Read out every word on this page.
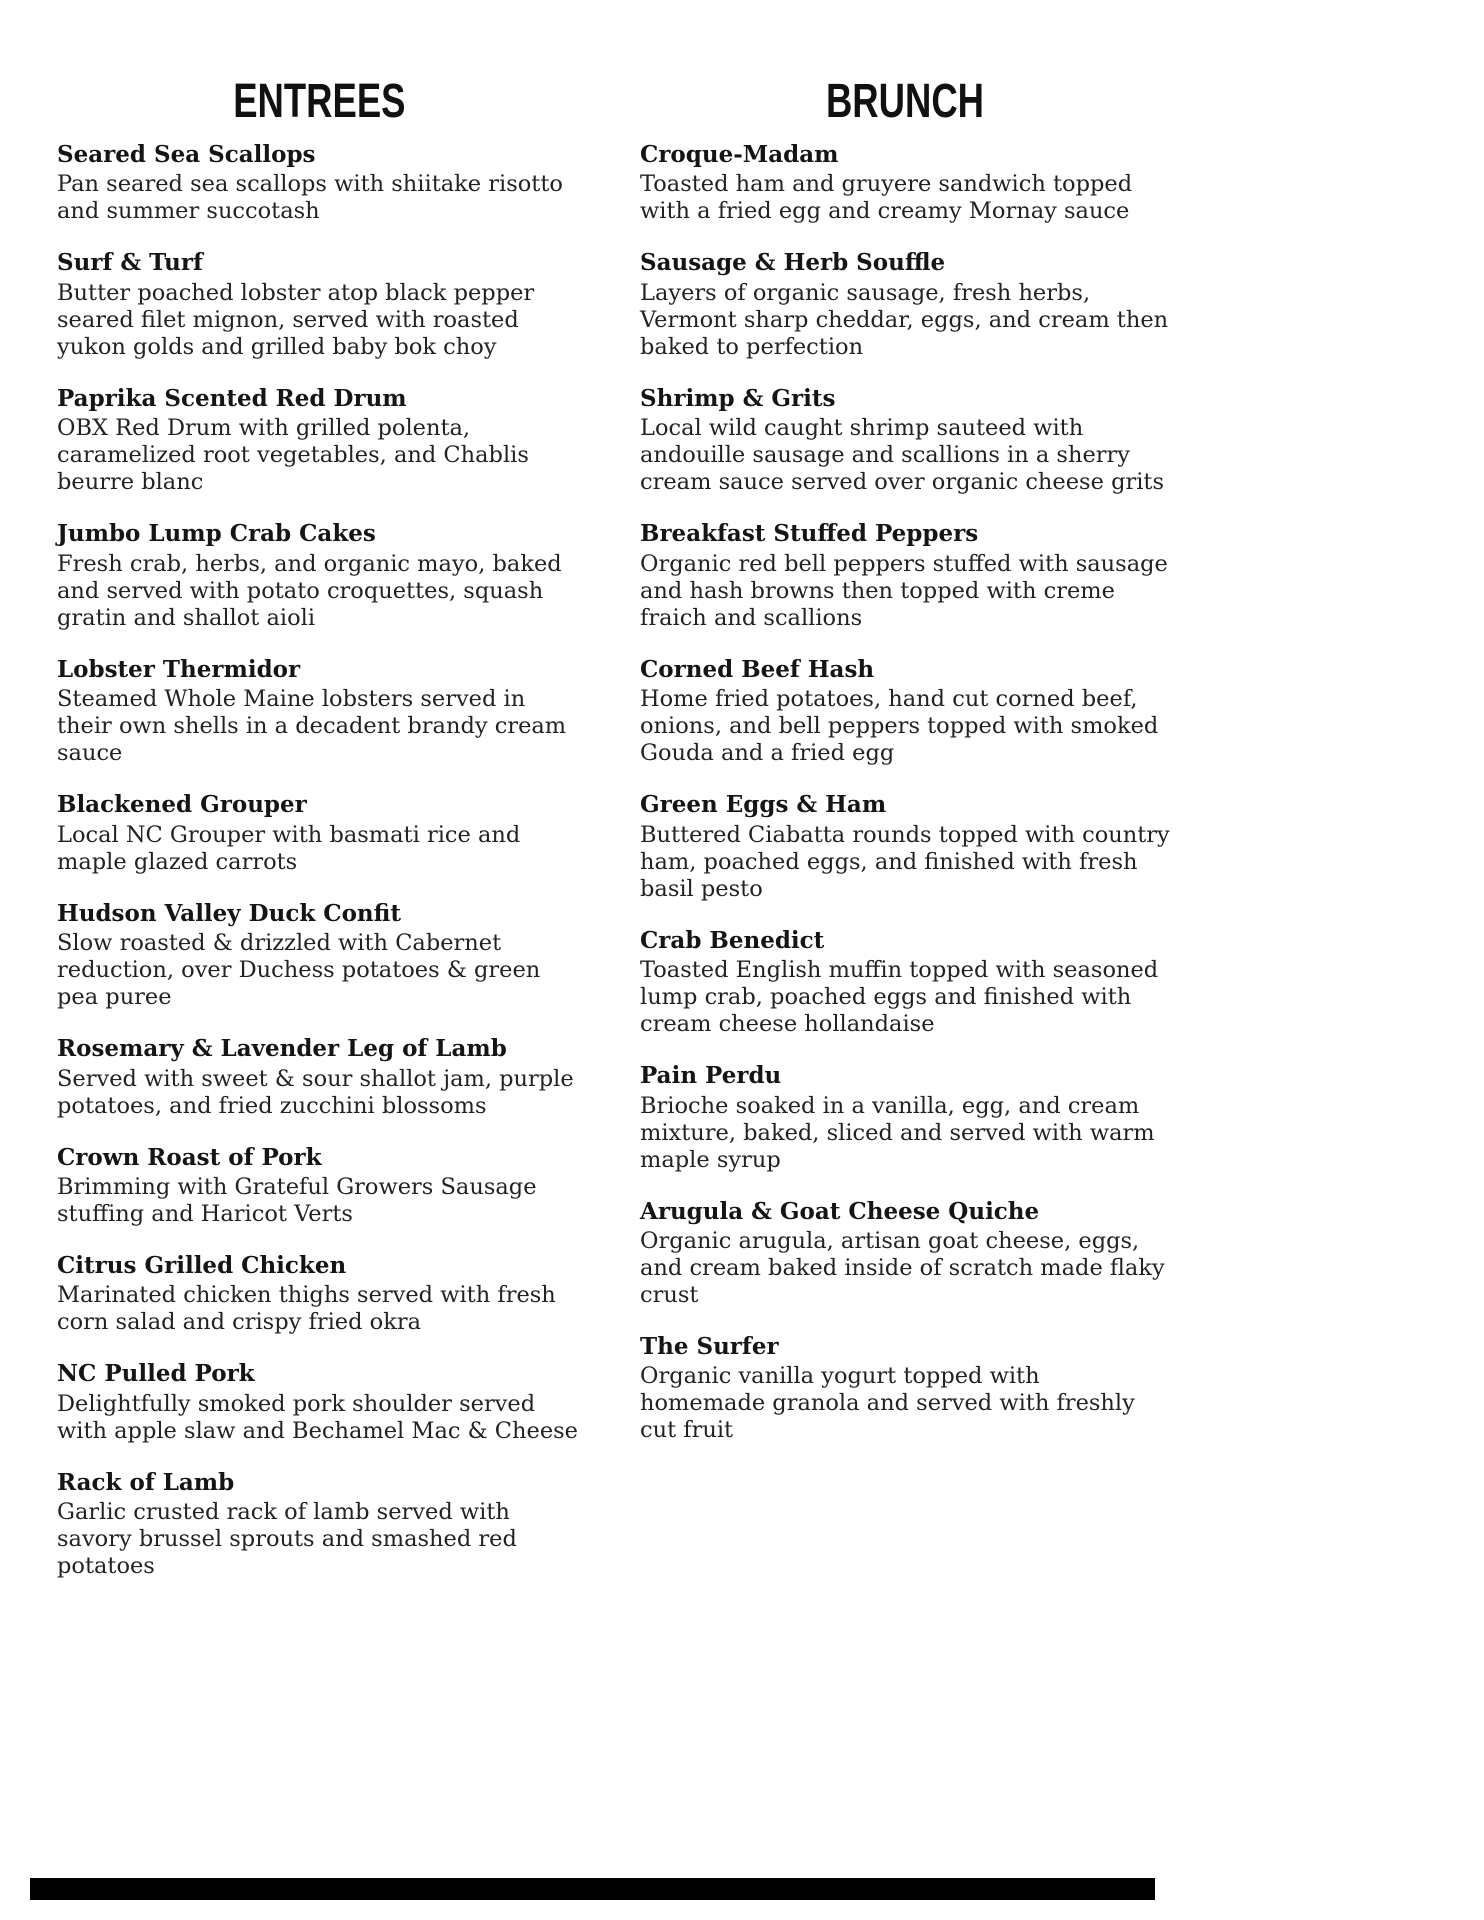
ENTREES
Seared Sea Scallops
Pan seared sea scallops with shiitake risotto and summer succotash
Surf & Turf
Butter poached lobster atop black pepper seared filet mignon, served with roasted yukon golds and grilled baby bok choy
Paprika Scented Red Drum
OBX Red Drum with grilled polenta, caramelized root vegetables, and Chablis beurre blanc
Jumbo Lump Crab Cakes
Fresh crab, herbs, and organic mayo, baked and served with potato croquettes, squash gratin and shallot aioli
Lobster Thermidor
Steamed Whole Maine lobsters served in their own shells in a decadent brandy cream sauce
Blackened Grouper
Local NC Grouper with basmati rice and maple glazed carrots
Hudson Valley Duck Confit
Slow roasted & drizzled with Cabernet reduction, over Duchess potatoes & green pea puree
Rosemary & Lavender Leg of Lamb
Served with sweet & sour shallot jam, purple potatoes, and fried zucchini blossoms
Crown Roast of Pork
Brimming with Grateful Growers Sausage stuffing and Haricot Verts
Citrus Grilled Chicken
Marinated chicken thighs served with fresh corn salad and crispy fried okra
NC Pulled Pork
Delightfully smoked pork shoulder served with apple slaw and Bechamel Mac & Cheese
Rack of Lamb
Garlic crusted rack of lamb served with savory brussel sprouts and smashed red potatoes
BRUNCH
Croque-Madam
Toasted ham and gruyere sandwich topped with a fried egg and creamy Mornay sauce
Sausage & Herb Souffle
Layers of organic sausage, fresh herbs, Vermont sharp cheddar, eggs, and cream then baked to perfection
Shrimp & Grits
Local wild caught shrimp sauteed with andouille sausage and scallions in a sherry cream sauce served over organic cheese grits
Breakfast Stuffed Peppers
Organic red bell peppers stuffed with sausage and hash browns then topped with creme fraich and scallions
Corned Beef Hash
Home fried potatoes, hand cut corned beef, onions, and bell peppers topped with smoked Gouda and a fried egg
Green Eggs & Ham
Buttered Ciabatta rounds topped with country ham, poached eggs, and finished with fresh basil pesto
Crab Benedict
Toasted English muffin topped with seasoned lump crab, poached eggs and finished with cream cheese hollandaise
Pain Perdu
Brioche soaked in a vanilla, egg, and cream mixture, baked, sliced and served with warm maple syrup
Arugula & Goat Cheese Quiche
Organic arugula, artisan goat cheese, eggs, and cream baked inside of scratch made flaky crust
The Surfer
Organic vanilla yogurt topped with homemade granola and served with freshly cut fruit
